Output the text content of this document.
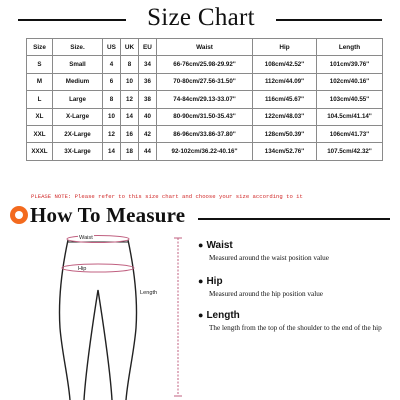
Size Chart
Size	Size.	US	UK	EU	Waist	Hip	Length
S	Small	4	8	34	66-76cm/25.98-29.92''	108cm/42.52''	101cm/39.76''
M	Medium	6	10	36	70-80cm/27.56-31.50''	112cm/44.09''	102cm/40.16''
L	Large	8	12	38	74-84cm/29.13-33.07''	116cm/45.67''	103cm/40.55''
XL	X-Large	10	14	40	80-90cm/31.50-35.43''	122cm/48.03''	104.5cm/41.14''
XXL	2X-Large	12	16	42	86-96cm/33.86-37.80''	128cm/50.39''	106cm/41.73''
XXXL	3X-Large	14	18	44	92-102cm/36.22-40.16''	134cm/52.76''	107.5cm/42.32''
PLEASE NOTE: Please refer to this size chart and choose your size according to it
How To Measure
Waist
Hip
Length
● Waist
Measured around the waist position value
● Hip
Measured around the hip position value
● Length
The length from the top of the shoulder to the end of the hip
